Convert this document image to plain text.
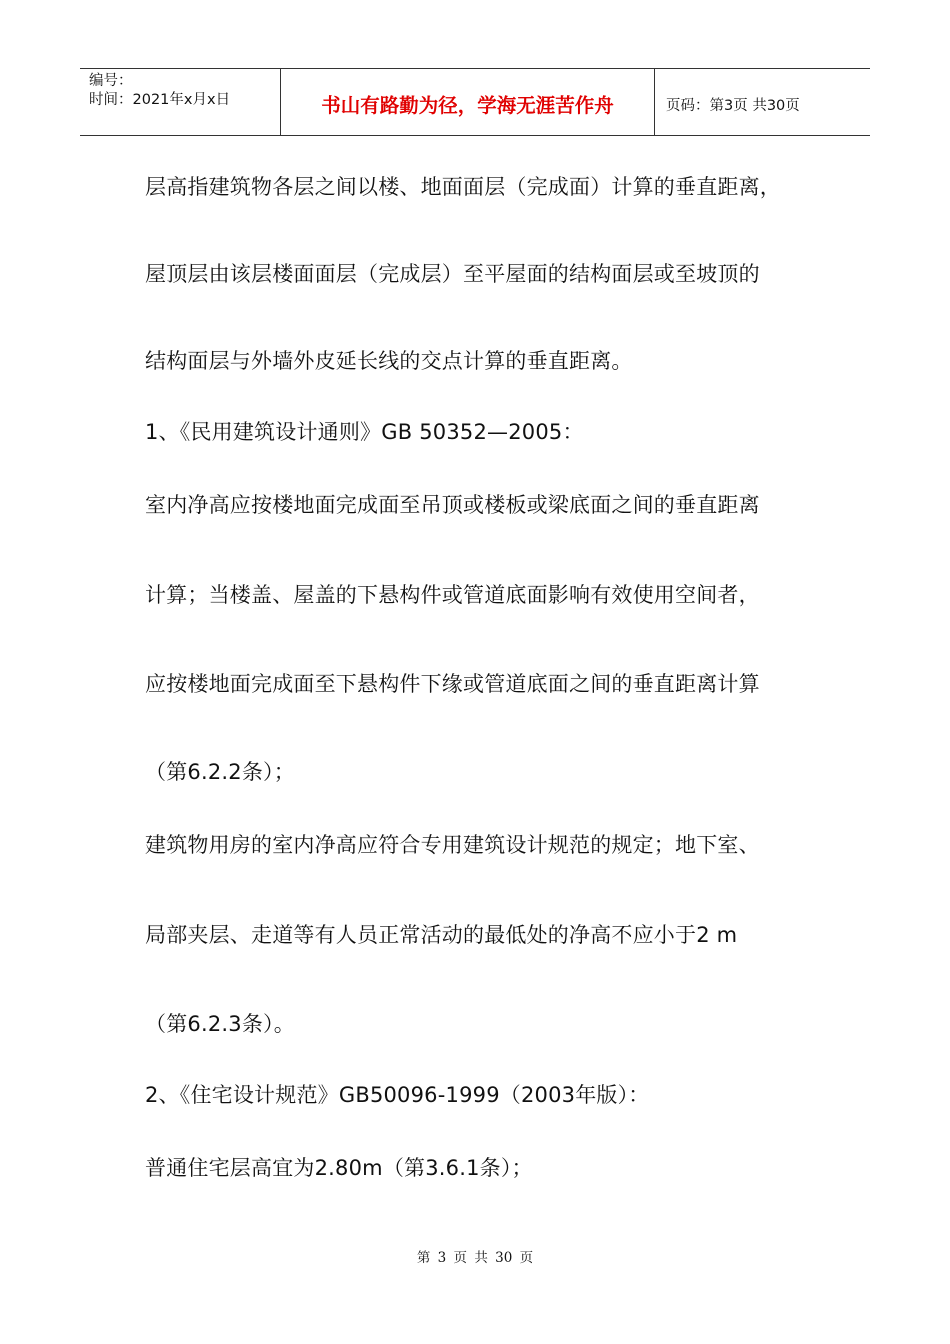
编号：
时间：2021年x月x日	书山有路勤为径，学海无涯苦作舟	页码：第3页 共30页
层高指建筑物各层之间以楼、地面面层（完成面）计算的垂直距离，
屋顶层由该层楼面面层（完成层）至平屋面的结构面层或至坡顶的
结构面层与外墙外皮延长线的交点计算的垂直距离。
1、《民用建筑设计通则》GB 50352—2005：
室内净高应按楼地面完成面至吊顶或楼板或梁底面之间的垂直距离
计算；当楼盖、屋盖的下悬构件或管道底面影响有效使用空间者，
应按楼地面完成面至下悬构件下缘或管道底面之间的垂直距离计算
（第6.2.2条）；
建筑物用房的室内净高应符合专用建筑设计规范的规定；地下室、
局部夹层、走道等有人员正常活动的最低处的净高不应小于2 m
（第6.2.3条）。
2、《住宅设计规范》GB50096-1999（2003年版）：
普通住宅层高宜为2.80m（第3.6.1条）；
第 3 页 共 30 页
